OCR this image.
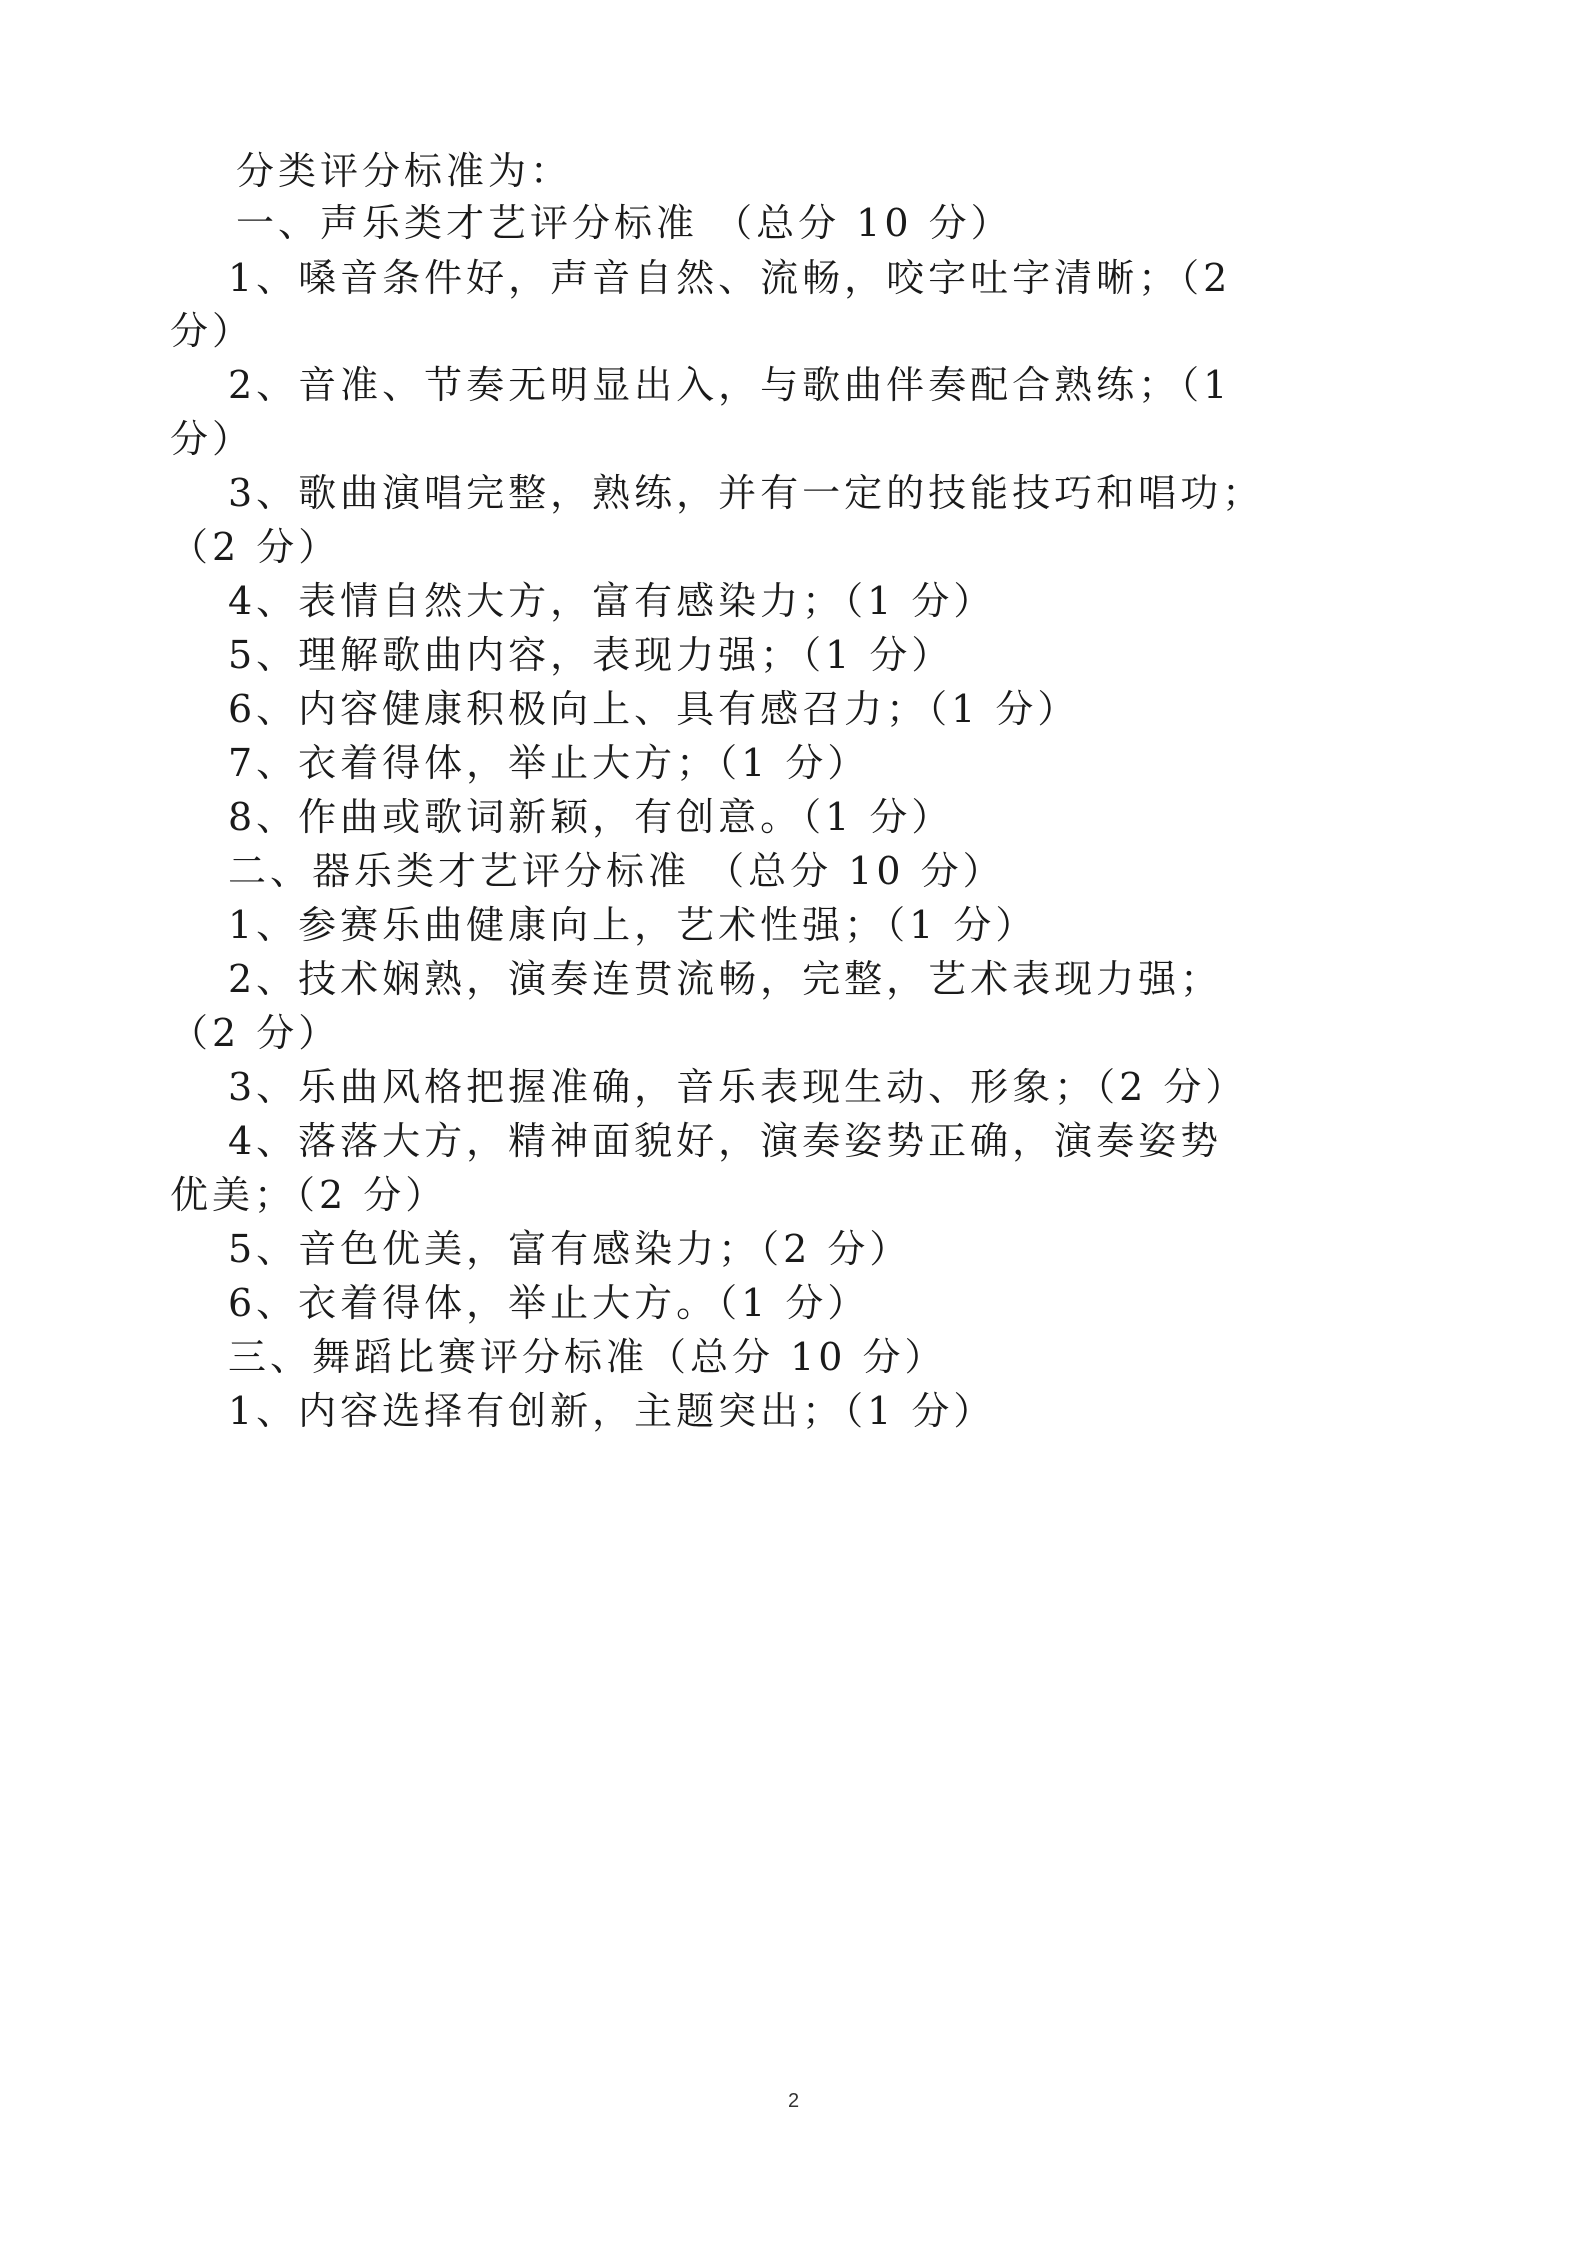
分类评分标准为：
一、声乐类才艺评分标准 （总分 10 分）
1、嗓音条件好，声音自然、流畅，咬字吐字清晰；（2
分）
2、音准、节奏无明显出入，与歌曲伴奏配合熟练；（1
分）
3、歌曲演唱完整，熟练，并有一定的技能技巧和唱功；
（2 分）
4、表情自然大方，富有感染力；（1 分）
5、理解歌曲内容，表现力强；（1 分）
6、内容健康积极向上、具有感召力；（1 分）
7、衣着得体，举止大方；（1 分）
8、作曲或歌词新颖，有创意。（1 分）
二、器乐类才艺评分标准 （总分 10 分）
1、参赛乐曲健康向上，艺术性强；（1 分）
2、技术娴熟，演奏连贯流畅，完整，艺术表现力强；
（2 分）
3、乐曲风格把握准确，音乐表现生动、形象；（2 分）
4、落落大方，精神面貌好，演奏姿势正确，演奏姿势
优美；（2 分）
5、音色优美，富有感染力；（2 分）
6、衣着得体，举止大方。（1 分）
三、舞蹈比赛评分标准（总分 10 分）
1、内容选择有创新，主题突出；（1 分）
2
